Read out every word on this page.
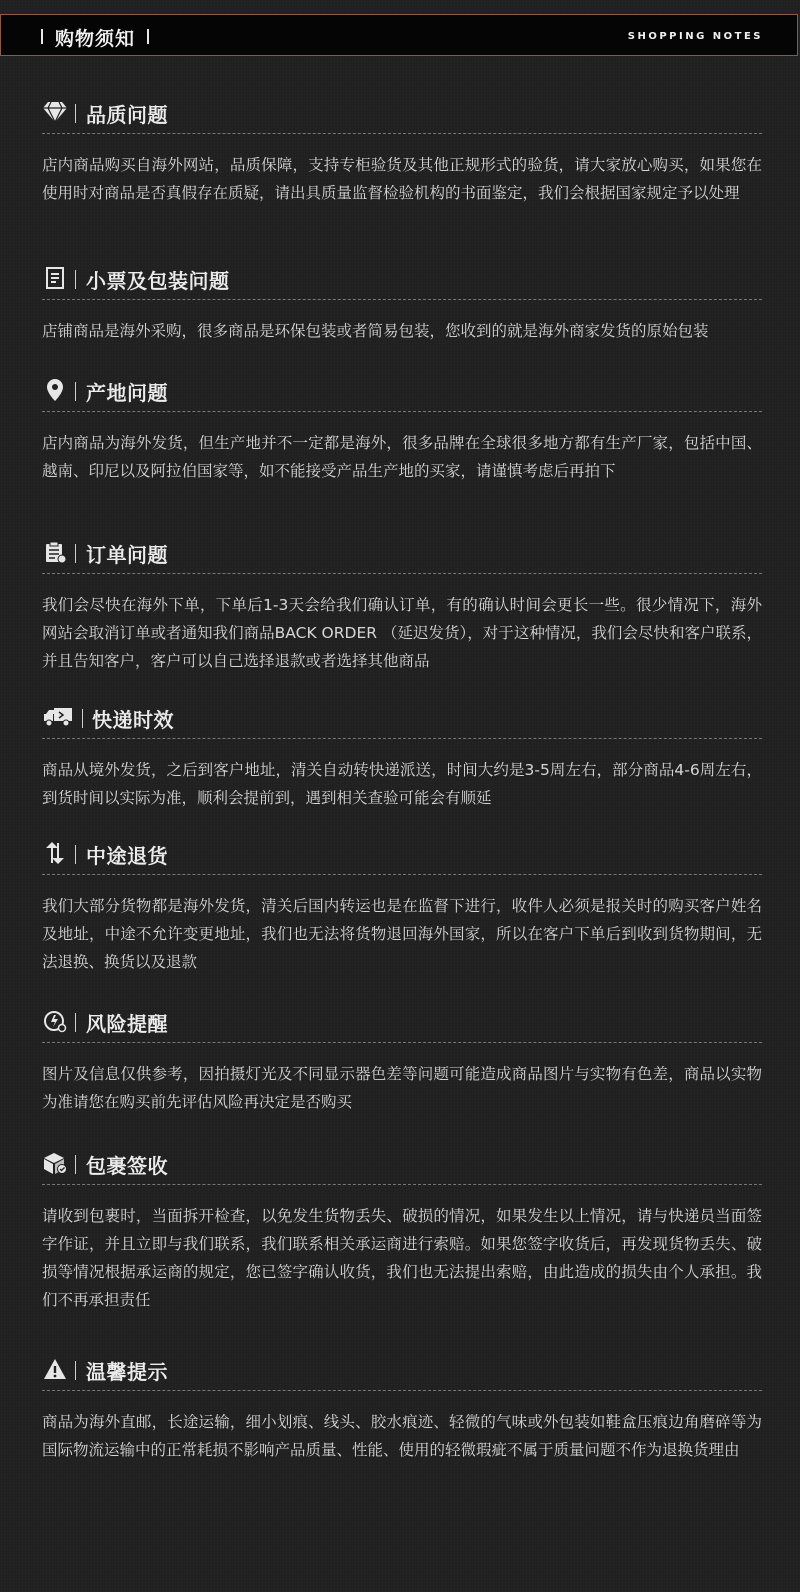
购物须知	SHOPPING NOTES
品质问题
店内商品购买自海外网站，品质保障，支持专柜验货及其他正规形式的验货，请大家放心购买，如果您在使用时对商品是否真假存在质疑，请出具质量监督检验机构的书面鉴定，我们会根据国家规定予以处理
小票及包装问题
店铺商品是海外采购，很多商品是环保包装或者简易包装，您收到的就是海外商家发货的原始包装
产地问题
店内商品为海外发货，但生产地并不一定都是海外，很多品牌在全球很多地方都有生产厂家，包括中国、越南、印尼以及阿拉伯国家等，如不能接受产品生产地的买家，请谨慎考虑后再拍下
订单问题
我们会尽快在海外下单，下单后1-3天会给我们确认订单，有的确认时间会更长一些。很少情况下，海外网站会取消订单或者通知我们商品BACK ORDER （延迟发货），对于这种情况，我们会尽快和客户联系，并且告知客户，客户可以自己选择退款或者选择其他商品
快递时效
商品从境外发货，之后到客户地址，清关自动转快递派送，时间大约是3-5周左右，部分商品4-6周左右，到货时间以实际为准，顺利会提前到，遇到相关查验可能会有顺延
中途退货
我们大部分货物都是海外发货，清关后国内转运也是在监督下进行，收件人必须是报关时的购买客户姓名及地址，中途不允许变更地址，我们也无法将货物退回海外国家，所以在客户下单后到收到货物期间，无法退换、换货以及退款
风险提醒
图片及信息仅供参考，因拍摄灯光及不同显示器色差等问题可能造成商品图片与实物有色差，商品以实物为准请您在购买前先评估风险再决定是否购买
包裹签收
请收到包裹时，当面拆开检查，以免发生货物丢失、破损的情况，如果发生以上情况，请与快递员当面签字作证，并且立即与我们联系，我们联系相关承运商进行索赔。如果您签字收货后，再发现货物丢失、破损等情况根据承运商的规定，您已签字确认收货，我们也无法提出索赔，由此造成的损失由个人承担。我们不再承担责任
温馨提示
商品为海外直邮，长途运输，细小划痕、线头、胶水痕迹、轻微的气味或外包装如鞋盒压痕边角磨碎等为国际物流运输中的正常耗损不影响产品质量、性能、使用的轻微瑕疵不属于质量问题不作为退换货理由
